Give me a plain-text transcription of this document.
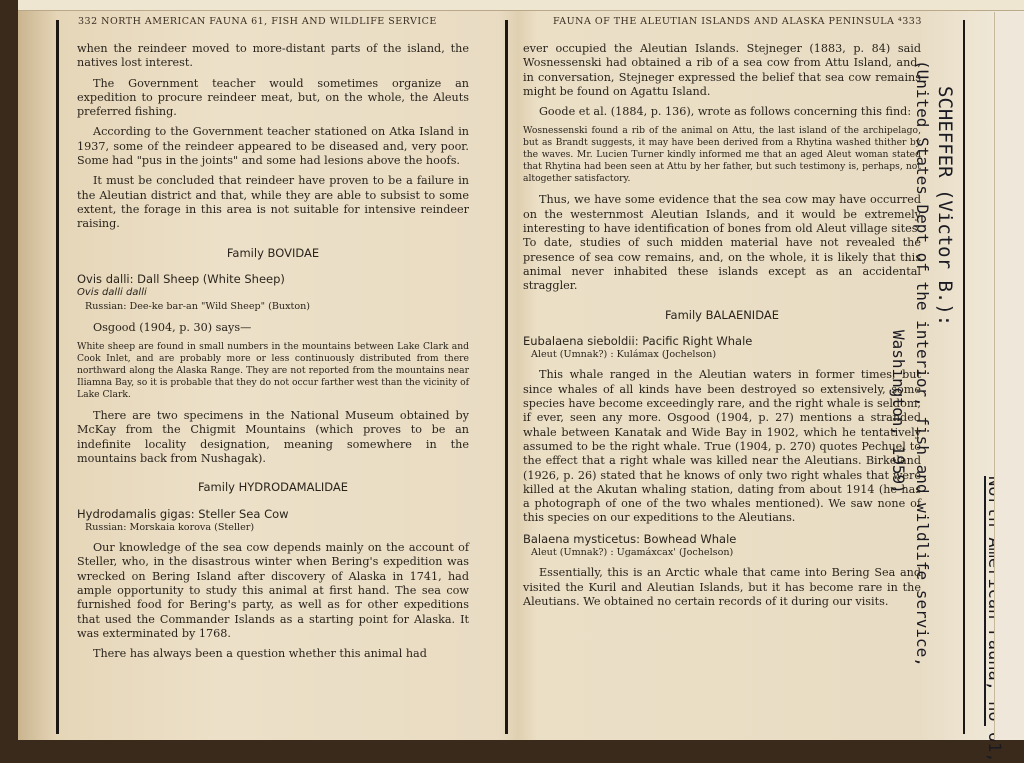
332 NORTH AMERICAN FAUNA 61, FISH AND WILDLIFE SERVICE	FAUNA OF THE ALEUTIAN ISLANDS AND ALASKA PENINSULA ⁴333

when the reindeer moved to more-distant parts of the island, the natives lost interest.

The Government teacher would sometimes organize an expedition to procure reindeer meat, but, on the whole, the Aleuts preferred fishing.

According to the Government teacher stationed on Atka Island in 1937, some of the reindeer appeared to be diseased and, very poor. Some had "pus in the joints" and some had lesions above the hoofs.

It must be concluded that reindeer have proven to be a failure in the Aleutian district and that, while they are able to subsist to some extent, the forage in this area is not suitable for intensive reindeer raising.

Family BOVIDAE

Ovis dalli: Dall Sheep (White Sheep)

Ovis dalli dalli

Russian: Dee-ke bar-an "Wild Sheep" (Buxton)

Osgood (1904, p. 30) says—

White sheep are found in small numbers in the mountains between Lake Clark and Cook Inlet, and are probably more or less continuously distributed from there northward along the Alaska Range. They are not reported from the mountains near Iliamna Bay, so it is probable that they do not occur farther west than the vicinity of Lake Clark.

There are two specimens in the National Museum obtained by McKay from the Chigmit Mountains (which proves to be an indefinite locality designation, meaning somewhere in the mountains back from Nushagak).

Family HYDRODAMALIDAE

Hydrodamalis gigas: Steller Sea Cow

Russian: Morskaia korova (Steller)

Our knowledge of the sea cow depends mainly on the account of Steller, who, in the disastrous winter when Bering's expedition was wrecked on Bering Island after discovery of Alaska in 1741, had ample opportunity to study this animal at first hand. The sea cow furnished food for Bering's party, as well as for other expeditions that used the Commander Islands as a starting point for Alaska. It was exterminated by 1768.

There has always been a question whether this animal had

ever occupied the Aleutian Islands. Stejneger (1883, p. 84) said Wosnessenski had obtained a rib of a sea cow from Attu Island, and, in conversation, Stejneger expressed the belief that sea cow remains might be found on Agattu Island.

Goode et al. (1884, p. 136), wrote as follows concerning this find:

Wosnessenski found a rib of the animal on Attu, the last island of the archipelago, but as Brandt suggests, it may have been derived from a Rhytina washed thither by the waves. Mr. Lucien Turner kindly informed me that an aged Aleut woman stated that Rhytina had been seen at Attu by her father, but such testimony is, perhaps, not altogether satisfactory.

Thus, we have some evidence that the sea cow may have occurred on the westernmost Aleutian Islands, and it would be extremely interesting to have identification of bones from old Aleut village sites. To date, studies of such midden material have not revealed the presence of sea cow remains, and, on the whole, it is likely that this animal never inhabited these islands except as an accidental straggler.

Family BALAENIDAE

Eubalaena sieboldii: Pacific Right Whale

Aleut (Umnak?) : Kulámax (Jochelson)

This whale ranged in the Aleutian waters in former times, but since whales of all kinds have been destroyed so extensively, some species have become exceedingly rare, and the right whale is seldom, if ever, seen any more. Osgood (1904, p. 27) mentions a stranded whale between Kanatak and Wide Bay in 1902, which he tentatively assumed to be the right whale. True (1904, p. 270) quotes Pechuel to the effect that a right whale was killed near the Aleutians. Birkeland (1926, p. 26) stated that he knows of only two right whales that were killed at the Akutan whaling station, dating from about 1914 (he has a photograph of one of the two whales mentioned). We saw none of this species on our expeditions to the Aleutians.

Balaena mysticetus: Bowhead Whale

Aleut (Umnak?) : Ugamáxcax' (Jochelson)

Essentially, this is an Arctic whale that came into Bering Sea and visited the Kuril and Aleutian Islands, but it has become rare in the Aleutians. We obtained no certain records of it during our visits.

SCHEFFER (Victor B.):
(United States Dept of the interior, fish and wildlife service,
Washington, 1959)
61,
